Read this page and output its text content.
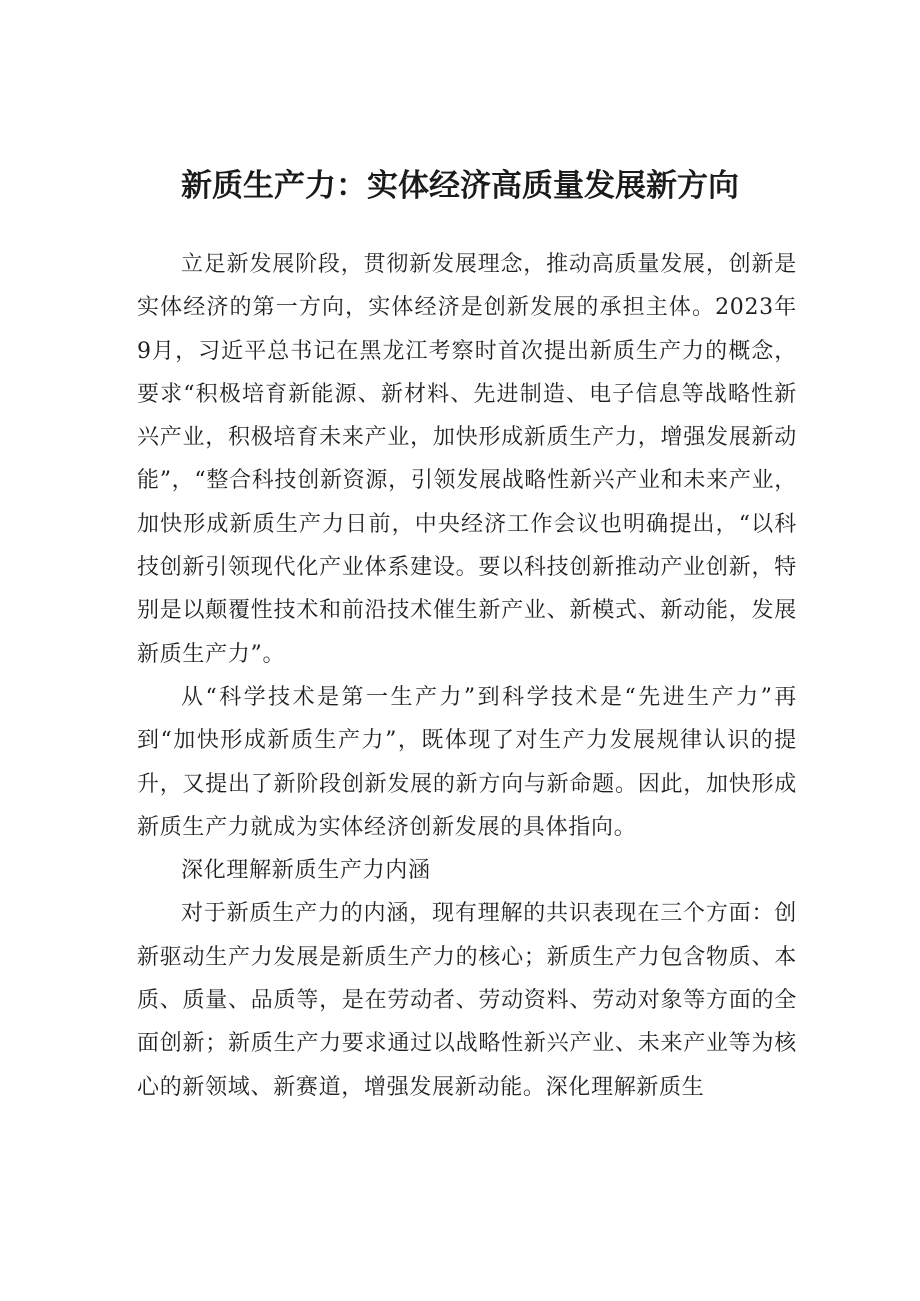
新质生产力：实体经济高质量发展新方向

立足新发展阶段，贯彻新发展理念，推动高质量发展，创新是实体经济的第一方向，实体经济是创新发展的承担主体。2023年9月，习近平总书记在黑龙江考察时首次提出新质生产力的概念，要求“积极培育新能源、新材料、先进制造、电子信息等战略性新兴产业，积极培育未来产业，加快形成新质生产力，增强发展新动能”，“整合科技创新资源，引领发展战略性新兴产业和未来产业，加快形成新质生产力日前，中央经济工作会议也明确提出，“以科技创新引领现代化产业体系建设。要以科技创新推动产业创新，特别是以颠覆性技术和前沿技术催生新产业、新模式、新动能，发展新质生产力”。

从“科学技术是第一生产力”到科学技术是“先进生产力”再到“加快形成新质生产力”，既体现了对生产力发展规律认识的提升，又提出了新阶段创新发展的新方向与新命题。因此，加快形成新质生产力就成为实体经济创新发展的具体指向。

深化理解新质生产力内涵

对于新质生产力的内涵，现有理解的共识表现在三个方面：创新驱动生产力发展是新质生产力的核心；新质生产力包含物质、本质、质量、品质等，是在劳动者、劳动资料、劳动对象等方面的全面创新；新质生产力要求通过以战略性新兴产业、未来产业等为核心的新领域、新赛道，增强发展新动能。深化理解新质生
